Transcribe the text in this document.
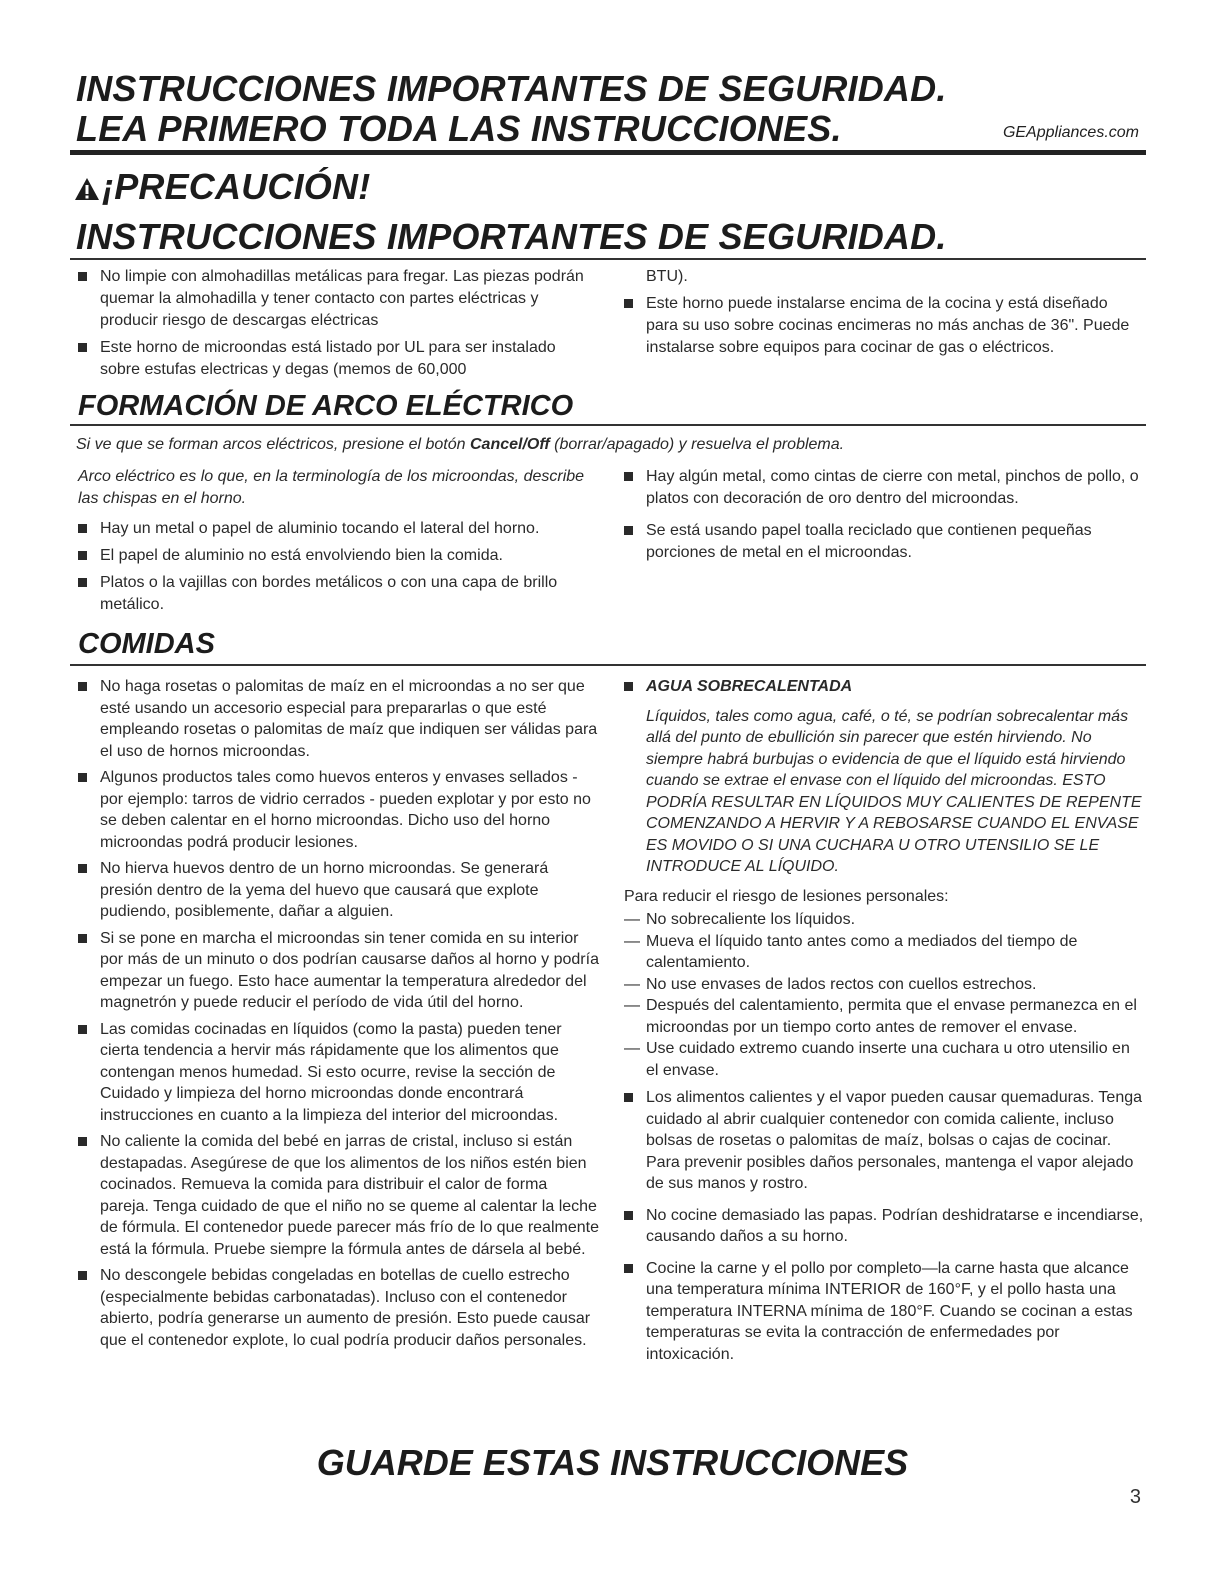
INSTRUCCIONES IMPORTANTES DE SEGURIDAD.
LEA PRIMERO TODA LAS INSTRUCCIONES.	GEAppliances.com
¡PRECAUCIÓN!
INSTRUCCIONES IMPORTANTES DE SEGURIDAD.
No limpie con almohadillas metálicas para fregar. Las piezas podrán quemar la almohadilla y tener contacto con partes eléctricas y producir riesgo de descargas eléctricas
Este horno de microondas está listado por UL para ser instalado sobre estufas electricas y degas (memos de 60,000

BTU).

Este horno puede instalarse encima de la cocina y está diseñado para su uso sobre cocinas encimeras no más anchas de 36". Puede instalarse sobre equipos para cocinar de gas o eléctricos.
FORMACIÓN DE ARCO ELÉCTRICO

Si ve que se forman arcos eléctricos, presione el botón Cancel/Off (borrar/apagado) y resuelva el problema.

Arco eléctrico es lo que, en la terminología de los microondas, describe las chispas en el horno.

Hay un metal o papel de aluminio tocando el lateral del horno.
El papel de aluminio no está envolviendo bien la comida.
Platos o la vajillas con bordes metálicos o con una capa de brillo metálico.
Hay algún metal, como cintas de cierre con metal, pinchos de pollo, o platos con decoración de oro dentro del microondas.
Se está usando papel toalla reciclado que contienen pequeñas porciones de metal en el microondas.
COMIDAS
No haga rosetas o palomitas de maíz en el microondas a no ser que esté usando un accesorio especial para prepararlas o que esté empleando rosetas o palomitas de maíz que indiquen ser válidas para el uso de hornos microondas.
Algunos productos tales como huevos enteros y envases sellados - por ejemplo: tarros de vidrio cerrados - pueden explotar y por esto no se deben calentar en el horno microondas. Dicho uso del horno microondas podrá producir lesiones.
No hierva huevos dentro de un horno microondas. Se generará presión dentro de la yema del huevo que causará que explote pudiendo, posiblemente, dañar a alguien.
Si se pone en marcha el microondas sin tener comida en su interior por más de un minuto o dos podrían causarse daños al horno y podría empezar un fuego. Esto hace aumentar la temperatura alrededor del magnetrón y puede reducir el período de vida útil del horno.
Las comidas cocinadas en líquidos (como la pasta) pueden tener cierta tendencia a hervir más rápidamente que los alimentos que contengan menos humedad. Si esto ocurre, revise la sección de Cuidado y limpieza del horno microondas donde encontrará instrucciones en cuanto a la limpieza del interior del microondas.
No caliente la comida del bebé en jarras de cristal, incluso si están destapadas. Asegúrese de que los alimentos de los niños estén bien cocinados. Remueva la comida para distribuir el calor de forma pareja. Tenga cuidado de que el niño no se queme al calentar la leche de fórmula. El contenedor puede parecer más frío de lo que realmente está la fórmula. Pruebe siempre la fórmula antes de dársela al bebé.
No descongele bebidas congeladas en botellas de cuello estrecho (especialmente bebidas carbonatadas). Incluso con el contenedor abierto, podría generarse un aumento de presión. Esto puede causar que el contenedor explote, lo cual podría producir daños personales.
AGUA SOBRECALENTADA

Líquidos, tales como agua, café, o té, se podrían sobrecalentar más allá del punto de ebullición sin parecer que estén hirviendo. No siempre habrá burbujas o evidencia de que el líquido está hirviendo cuando se extrae el envase con el líquido del microondas. ESTO PODRÍA RESULTAR EN LÍQUIDOS MUY CALIENTES DE REPENTE COMENZANDO A HERVIR Y A REBOSARSE CUANDO EL ENVASE ES MOVIDO O SI UNA CUCHARA U OTRO UTENSILIO SE LE INTRODUCE AL LÍQUIDO.

Para reducir el riesgo de lesiones personales:

— No sobrecaliente los líquidos.
— Mueva el líquido tanto antes como a mediados del tiempo de calentamiento.
— No use envases de lados rectos con cuellos estrechos.
— Después del calentamiento, permita que el envase permanezca en el microondas por un tiempo corto antes de remover el envase.
— Use cuidado extremo cuando inserte una cuchara u otro utensilio en el envase.
Los alimentos calientes y el vapor pueden causar quemaduras. Tenga cuidado al abrir cualquier contenedor con comida caliente, incluso bolsas de rosetas o palomitas de maíz, bolsas o cajas de cocinar. Para prevenir posibles daños personales, mantenga el vapor alejado de sus manos y rostro.
No cocine demasiado las papas. Podrían deshidratarse e incendiarse, causando daños a su horno.
Cocine la carne y el pollo por completo—la carne hasta que alcance una temperatura mínima INTERIOR de 160°F, y el pollo hasta una temperatura INTERNA mínima de 180°F. Cuando se cocinan a estas temperaturas se evita la contracción de enfermedades por intoxicación.
GUARDE ESTAS INSTRUCCIONES
3
